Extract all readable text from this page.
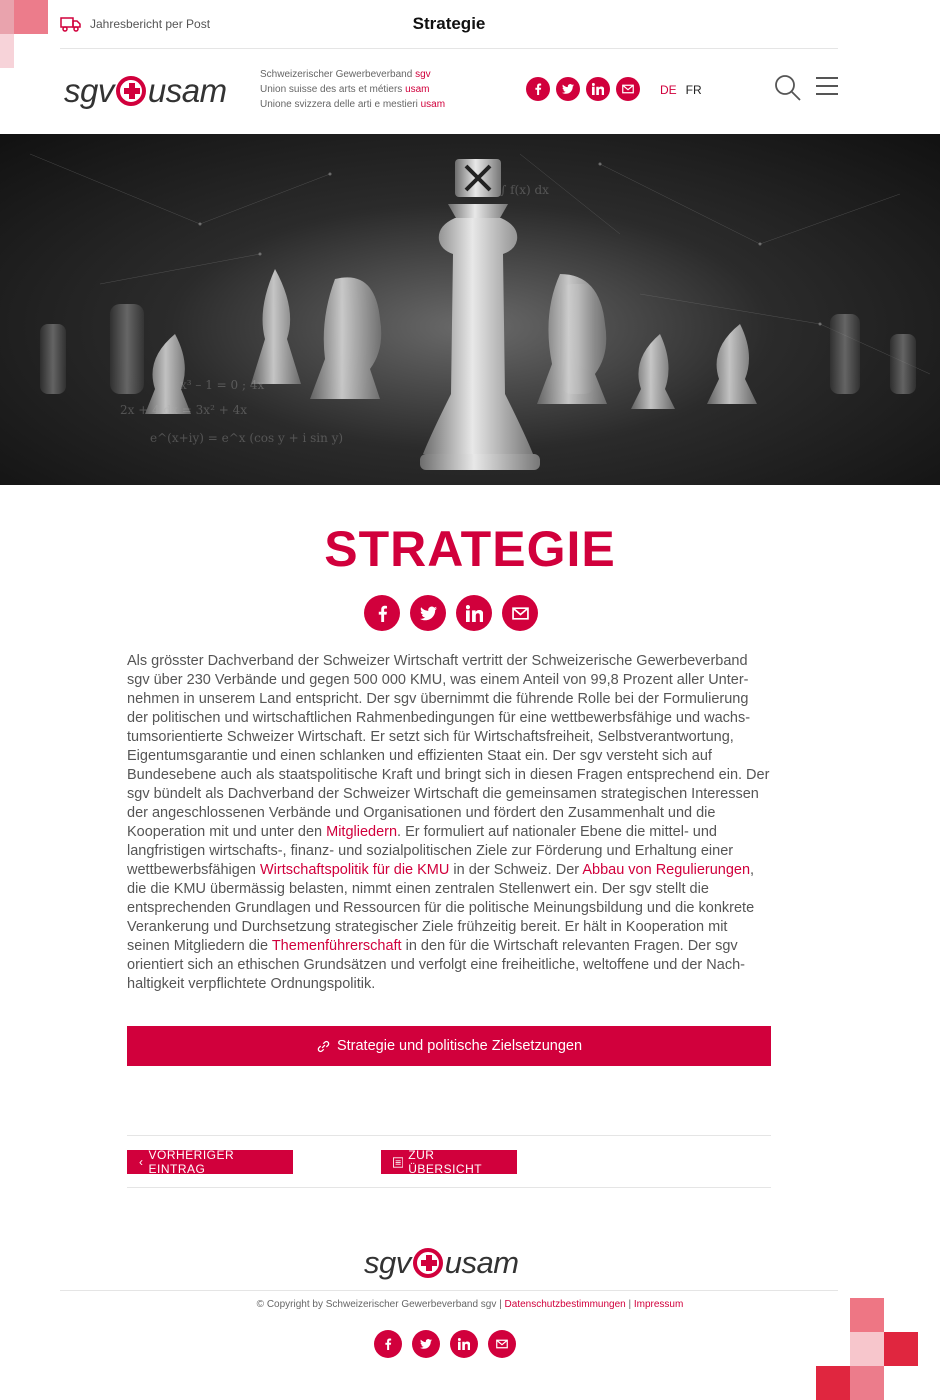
Jahresbericht per Post	Strategie
sgv usam	Schweizerischer Gewerbeverband sgv
Union suisse des arts et métiers usam
Unione svizzera delle arti e mestieri usam
DE FR
2x + 4 dx = 3x² + 4x
e^(x+iy) = e^x (cos y + i sin y)
x³ – 1 = 0 ; 4x
∫ f(x) dx
STRATEGIE

Als grösster Dachverband der Schweizer Wirtschaft vertritt der Schweizerische Gewerbeverband sgv über 230 Verbände und gegen 500 000 KMU, was einem Anteil von 99,8 Prozent aller Unternehmen in unserem Land entspricht. Der sgv übernimmt die führende Rolle bei der Formulierung der politischen und wirtschaftlichen Rahmenbedingungen für eine wettbewerbsfähige und wachstumsorientierte Schweizer Wirtschaft. Er setzt sich für Wirtschaftsfreiheit, Selbstverantwortung, Eigentumsgarantie und einen schlanken und effizienten Staat ein. Der sgv versteht sich auf Bundesebene auch als staatspolitische Kraft und bringt sich in diesen Fragen entsprechend ein. Der sgv bündelt als Dachverband der Schweizer Wirtschaft die gemeinsamen strategischen Interessen der angeschlossenen Verbände und Organisationen und fördert den Zusammenhalt und die Kooperation mit und unter den Mitgliedern. Er formuliert auf nationaler Ebene die mittel- und langfristigen wirtschafts-, finanz- und sozialpolitischen Ziele zur Förderung und Erhaltung einer wettbewerbsfähigen Wirtschaftspolitik für die KMU in der Schweiz. Der Abbau von Regulierungen, die die KMU übermässig belasten, nimmt einen zentralen Stellenwert ein. Der sgv stellt die entsprechenden Grundlagen und Ressourcen für die politische Meinungsbildung und die konkrete Verankerung und Durchsetzung strategischer Ziele frühzeitig bereit. Er hält in Kooperation mit seinen Mitgliedern die Themenführerschaft in den für die Wirtschaft relevanten Fragen. Der sgv orientiert sich an ethischen Grundsätzen und verfolgt eine freiheitliche, weltoffene und der Nachhaltigkeit verpflichtete Ordnungspolitik.

Strategie und politische Zielsetzungen
‹ VORHERIGER EINTRAG
ZUR ÜBERSICHT
sgv usam
© Copyright by Schweizerischer Gewerbeverband sgv | Datenschutzbestimmungen | Impressum
